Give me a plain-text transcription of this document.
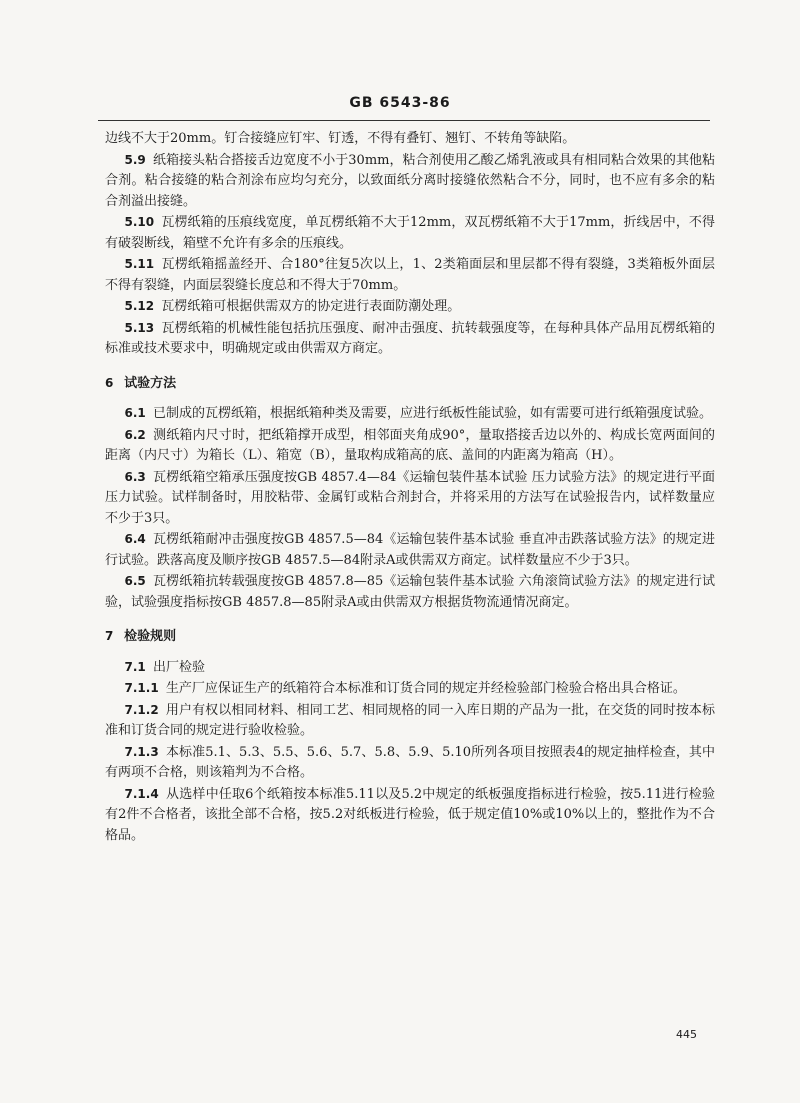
GB 6543-86

边线不大于20mm。钉合接缝应钉牢、钉透，不得有叠钉、翘钉、不转角等缺陷。

5.9 纸箱接头粘合搭接舌边宽度不小于30mm，粘合剂使用乙酸乙烯乳液或具有相同粘合效果的其他粘合剂。粘合接缝的粘合剂涂布应均匀充分，以致面纸分离时接缝依然粘合不分，同时，也不应有多余的粘合剂溢出接缝。

5.10 瓦楞纸箱的压痕线宽度，单瓦楞纸箱不大于12mm，双瓦楞纸箱不大于17mm，折线居中，不得有破裂断线，箱壁不允许有多余的压痕线。

5.11 瓦楞纸箱摇盖经开、合180°往复5次以上，1、2类箱面层和里层都不得有裂缝，3类箱板外面层不得有裂缝，内面层裂缝长度总和不得大于70mm。

5.12 瓦楞纸箱可根据供需双方的协定进行表面防潮处理。

5.13 瓦楞纸箱的机械性能包括抗压强度、耐冲击强度、抗转载强度等，在每种具体产品用瓦楞纸箱的标准或技术要求中，明确规定或由供需双方商定。

6 试验方法

6.1 已制成的瓦楞纸箱，根据纸箱种类及需要，应进行纸板性能试验，如有需要可进行纸箱强度试验。

6.2 测纸箱内尺寸时，把纸箱撑开成型，相邻面夹角成90°，量取搭接舌边以外的、构成长宽两面间的距离（内尺寸）为箱长（L）、箱宽（B），量取构成箱高的底、盖间的内距离为箱高（H）。

6.3 瓦楞纸箱空箱承压强度按GB 4857.4—84《运输包装件基本试验 压力试验方法》的规定进行平面压力试验。试样制备时，用胶粘带、金属钉或粘合剂封合，并将采用的方法写在试验报告内，试样数量应不少于3只。

6.4 瓦楞纸箱耐冲击强度按GB 4857.5—84《运输包装件基本试验 垂直冲击跌落试验方法》的规定进行试验。跌落高度及顺序按GB 4857.5—84附录A或供需双方商定。试样数量应不少于3只。

6.5 瓦楞纸箱抗转载强度按GB 4857.8—85《运输包装件基本试验 六角滚筒试验方法》的规定进行试验，试验强度指标按GB 4857.8—85附录A或由供需双方根据货物流通情况商定。

7 检验规则

7.1 出厂检验

7.1.1 生产厂应保证生产的纸箱符合本标准和订货合同的规定并经检验部门检验合格出具合格证。

7.1.2 用户有权以相同材料、相同工艺、相同规格的同一入库日期的产品为一批，在交货的同时按本标准和订货合同的规定进行验收检验。

7.1.3 本标准5.1、5.3、5.5、5.6、5.7、5.8、5.9、5.10所列各项目按照表4的规定抽样检查，其中有两项不合格，则该箱判为不合格。

7.1.4 从选样中任取6个纸箱按本标准5.11以及5.2中规定的纸板强度指标进行检验，按5.11进行检验有2件不合格者，该批全部不合格，按5.2对纸板进行检验，低于规定值10%或10%以上的，整批作为不合格品。

445
